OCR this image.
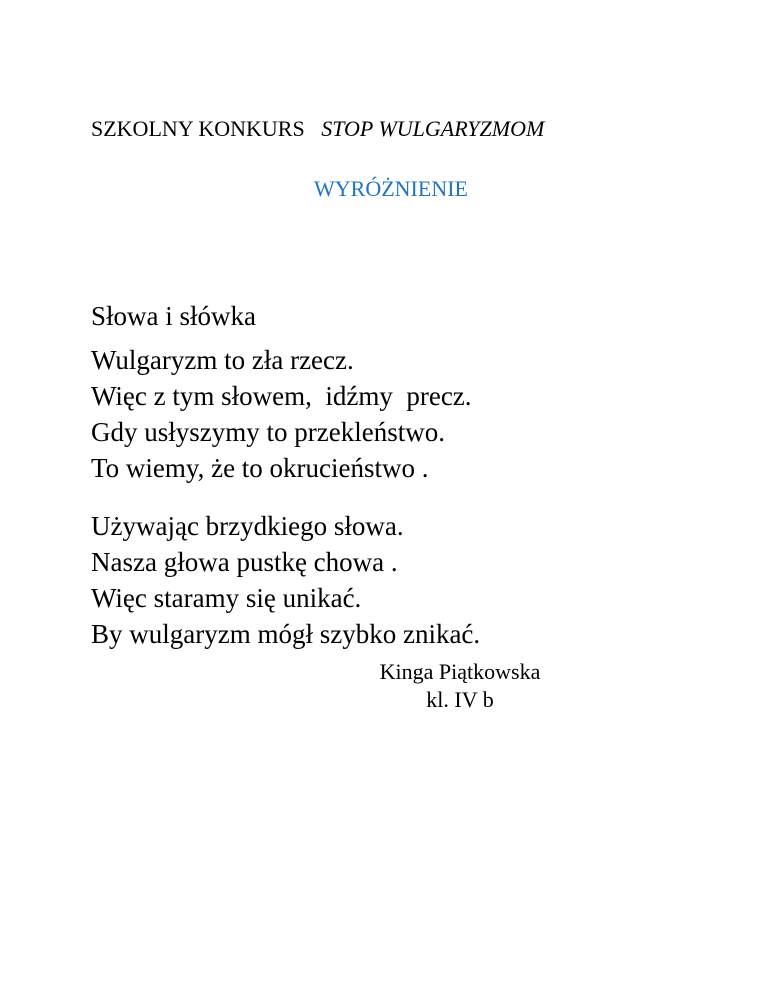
SZKOLNY KONKURS STOP WULGARYZMOM
WYRÓŻNIENIE
Słowa i słówka
Wulgaryzm to zła rzecz.
Więc z tym słowem,  idźmy  precz.
Gdy usłyszymy to przekleństwo.
To wiemy, że to okrucieństwo .
Używając brzydkiego słowa.
Nasza głowa pustkę chowa .
Więc staramy się unikać.
By wulgaryzm mógł szybko znikać.
Kinga Piątkowska
kl. IV b
